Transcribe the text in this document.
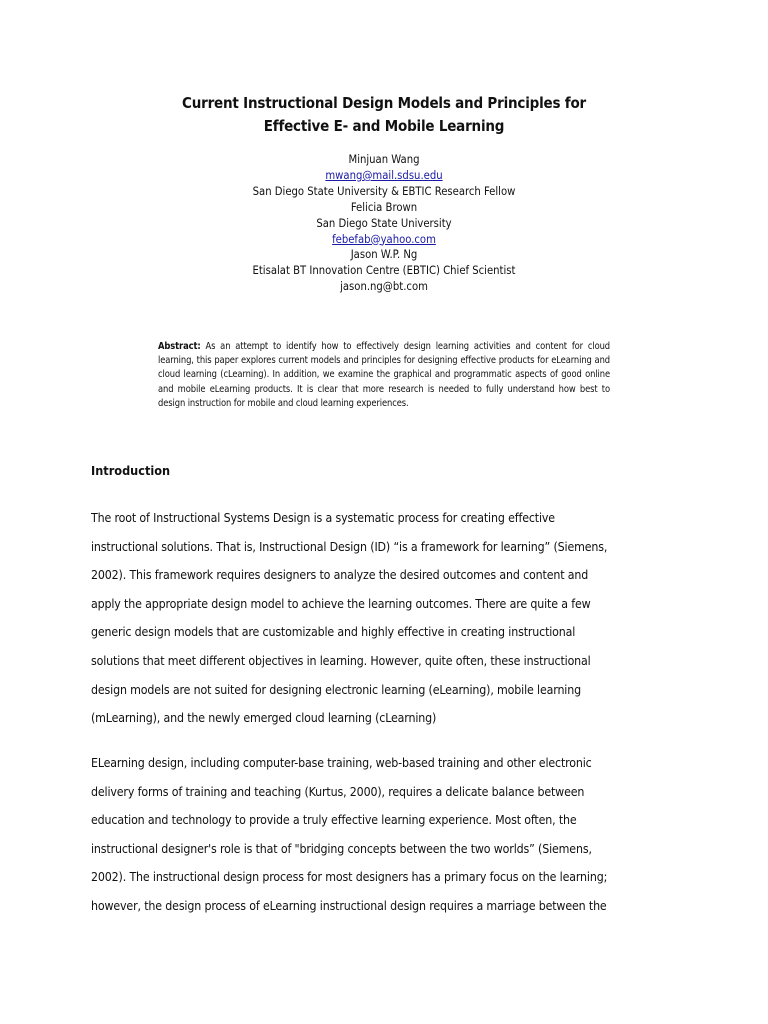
Current Instructional Design Models and Principles for
Effective E- and Mobile Learning
Minjuan Wang
mwang@mail.sdsu.edu
San Diego State University & EBTIC Research Fellow
Felicia Brown
San Diego State University
febefab@yahoo.com
Jason W.P. Ng
Etisalat BT Innovation Centre (EBTIC) Chief Scientist
jason.ng@bt.com
Abstract: As an attempt to identify how to effectively design learning activities and content for cloud learning, this paper explores current models and principles for designing effective products for eLearning and cloud learning (cLearning). In addition, we examine the graphical and programmatic aspects of good online and mobile eLearning products. It is clear that more research is needed to fully understand how best to design instruction for mobile and cloud learning experiences.
Introduction
The root of Instructional Systems Design is a systematic process for creating effective
instructional solutions. That is, Instructional Design (ID) “is a framework for learning” (Siemens,
2002). This framework requires designers to analyze the desired outcomes and content and
apply the appropriate design model to achieve the learning outcomes. There are quite a few
generic design models that are customizable and highly effective in creating instructional
solutions that meet different objectives in learning. However, quite often, these instructional
design models are not suited for designing electronic learning (eLearning), mobile learning
(mLearning), and the newly emerged cloud learning (cLearning)
ELearning design, including computer-base training, web-based training and other electronic
delivery forms of training and teaching (Kurtus, 2000), requires a delicate balance between
education and technology to provide a truly effective learning experience. Most often, the
instructional designer's role is that of "bridging concepts between the two worlds” (Siemens,
2002). The instructional design process for most designers has a primary focus on the learning;
however, the design process of eLearning instructional design requires a marriage between the
